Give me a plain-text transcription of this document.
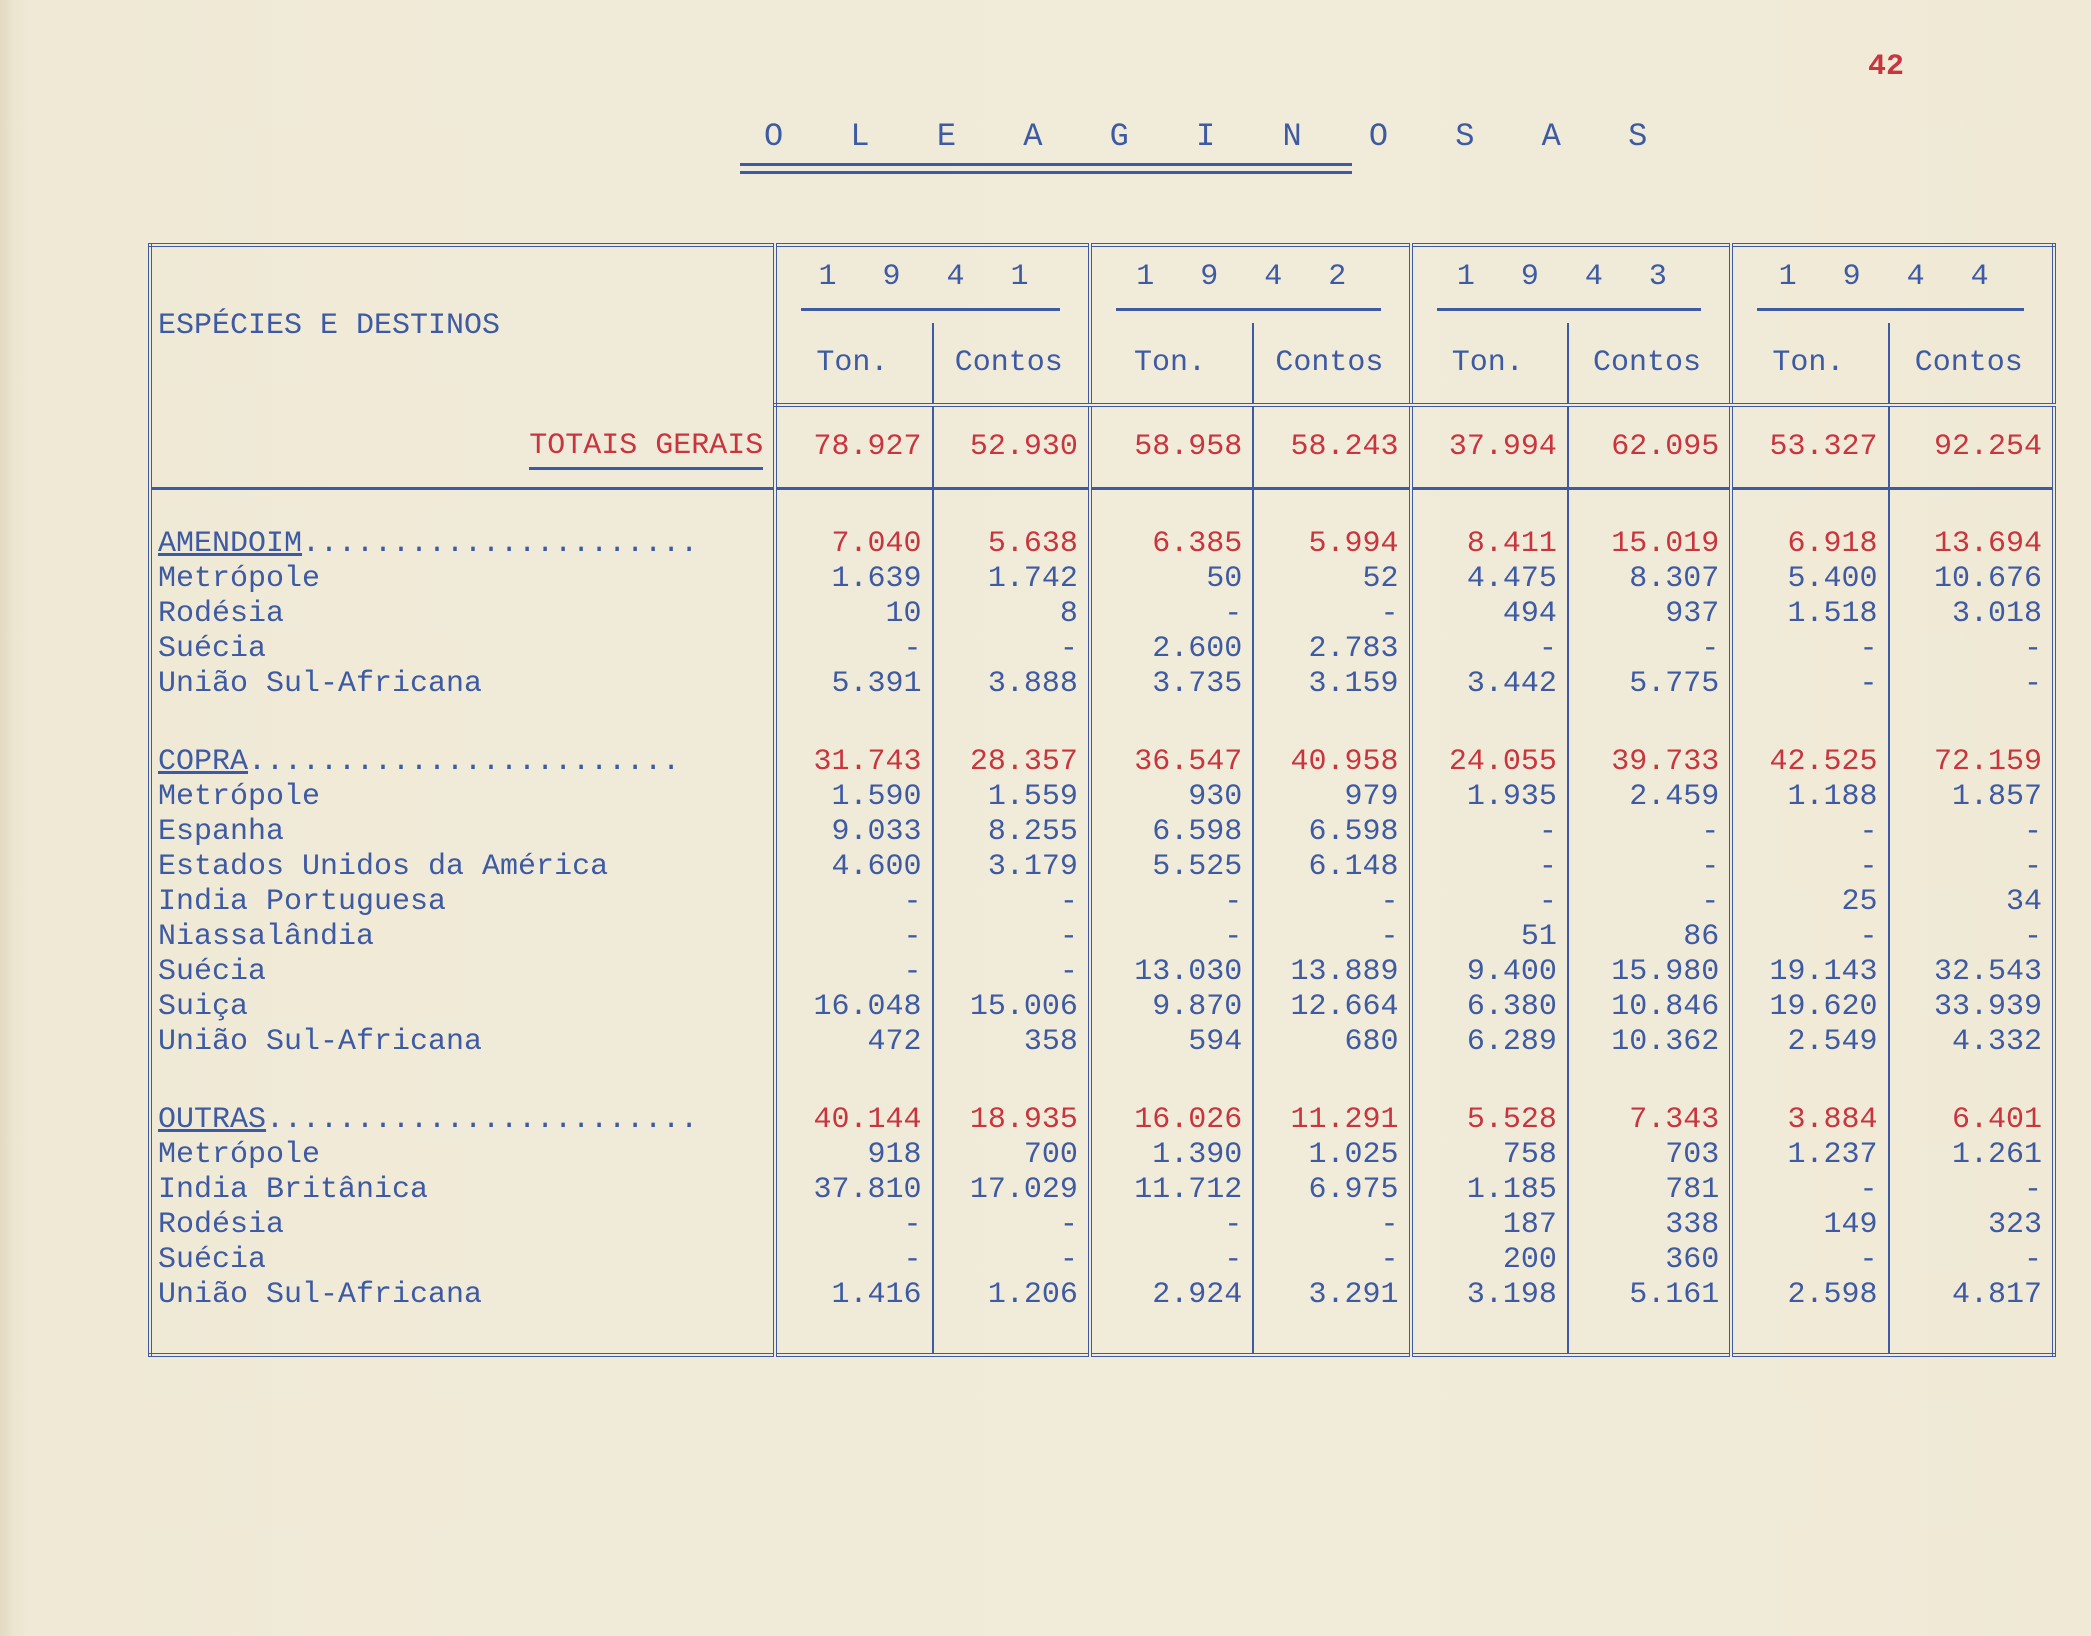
42
O L E A G I N O S A S
ESPÉCIES E DESTINOS	1 9 4 1		1 9 4 2		1 9 4 3		1 9 4 4	
	Ton.	Contos	Ton.	Contos	Ton.	Contos	Ton.	Contos
TOTAIS GERAIS	78.927	52.930	58.958	58.243	37.994	62.095	53.327	92.254

AMENDOIM......................	7.040	5.638	6.385	5.994	8.411	15.019	6.918	13.694
Metrópole	1.639	1.742	50	52	4.475	8.307	5.400	10.676
Rodésia	10	8	-	-	494	937	1.518	3.018
Suécia	-	-	2.600	2.783	-	-	-	-
União Sul-Africana	5.391	3.888	3.735	3.159	3.442	5.775	-	-

COPRA........................	31.743	28.357	36.547	40.958	24.055	39.733	42.525	72.159
Metrópole	1.590	1.559	930	979	1.935	2.459	1.188	1.857
Espanha	9.033	8.255	6.598	6.598	-	-	-	-
Estados Unidos da América	4.600	3.179	5.525	6.148	-	-	-	-
India Portuguesa	-	-	-	-	-	-	25	34
Niassalândia	-	-	-	-	51	86	-	-
Suécia	-	-	13.030	13.889	9.400	15.980	19.143	32.543
Suiça	16.048	15.006	9.870	12.664	6.380	10.846	19.620	33.939
União Sul-Africana	472	358	594	680	6.289	10.362	2.549	4.332

OUTRAS........................	40.144	18.935	16.026	11.291	5.528	7.343	3.884	6.401
Metrópole	918	700	1.390	1.025	758	703	1.237	1.261
India Britânica	37.810	17.029	11.712	6.975	1.185	781	-	-
Rodésia	-	-	-	-	187	338	149	323
Suécia	-	-	-	-	200	360	-	-
União Sul-Africana	1.416	1.206	2.924	3.291	3.198	5.161	2.598	4.817
